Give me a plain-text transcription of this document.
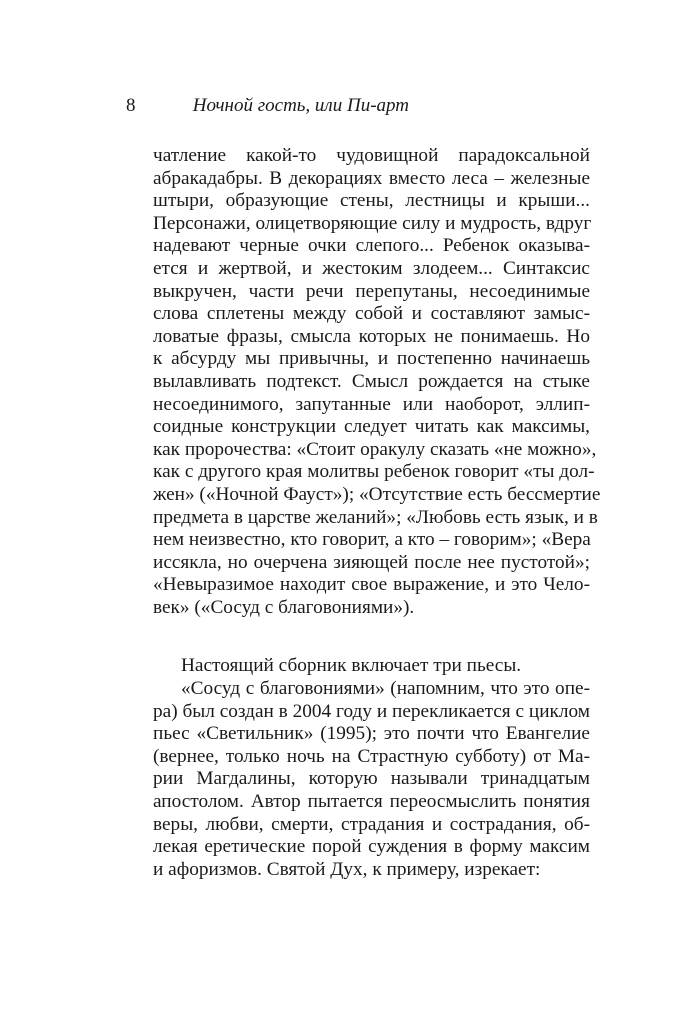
8	Ночной гость, или Пи-арт
чатление какой-то чудовищной парадоксальной
абракадабры. В декорациях вместо леса – железные
штыри, образующие стены, лестницы и крыши...
Персонажи, олицетворяющие силу и мудрость, вдруг
надевают черные очки слепого... Ребенок оказыва-
ется и жертвой, и жестоким злодеем... Синтаксис
выкручен, части речи перепутаны, несоединимые
слова сплетены между собой и составляют замыс-
ловатые фразы, смысла которых не понимаешь. Но
к абсурду мы привычны, и постепенно начинаешь
вылавливать подтекст. Смысл рождается на стыке
несоединимого, запутанные или наоборот, эллип-
соидные конструкции следует читать как максимы,
как пророчества: «Стоит оракулу сказать «не можно»,
как с другого края молитвы ребенок говорит «ты дол-
жен» («Ночной Фауст»); «Отсутствие есть бессмертие
предмета в царстве желаний»; «Любовь есть язык, и в
нем неизвестно, кто говорит, а кто – говорим»; «Вера
иссякла, но очерчена зияющей после нее пустотой»;
«Невыразимое находит свое выражение, и это Чело-
век» («Сосуд с благовониями»).
Настоящий сборник включает три пьесы.
«Сосуд с благовониями» (напомним, что это опе-
ра) был создан в 2004 году и перекликается с циклом
пьес «Светильник» (1995); это почти что Евангелие
(вернее, только ночь на Страстную субботу) от Ма-
рии Магдалины, которую называли тринадцатым
апостолом. Автор пытается переосмыслить понятия
веры, любви, смерти, страдания и сострадания, об-
лекая еретические порой суждения в форму максим
и афоризмов. Святой Дух, к примеру, изрекает:
